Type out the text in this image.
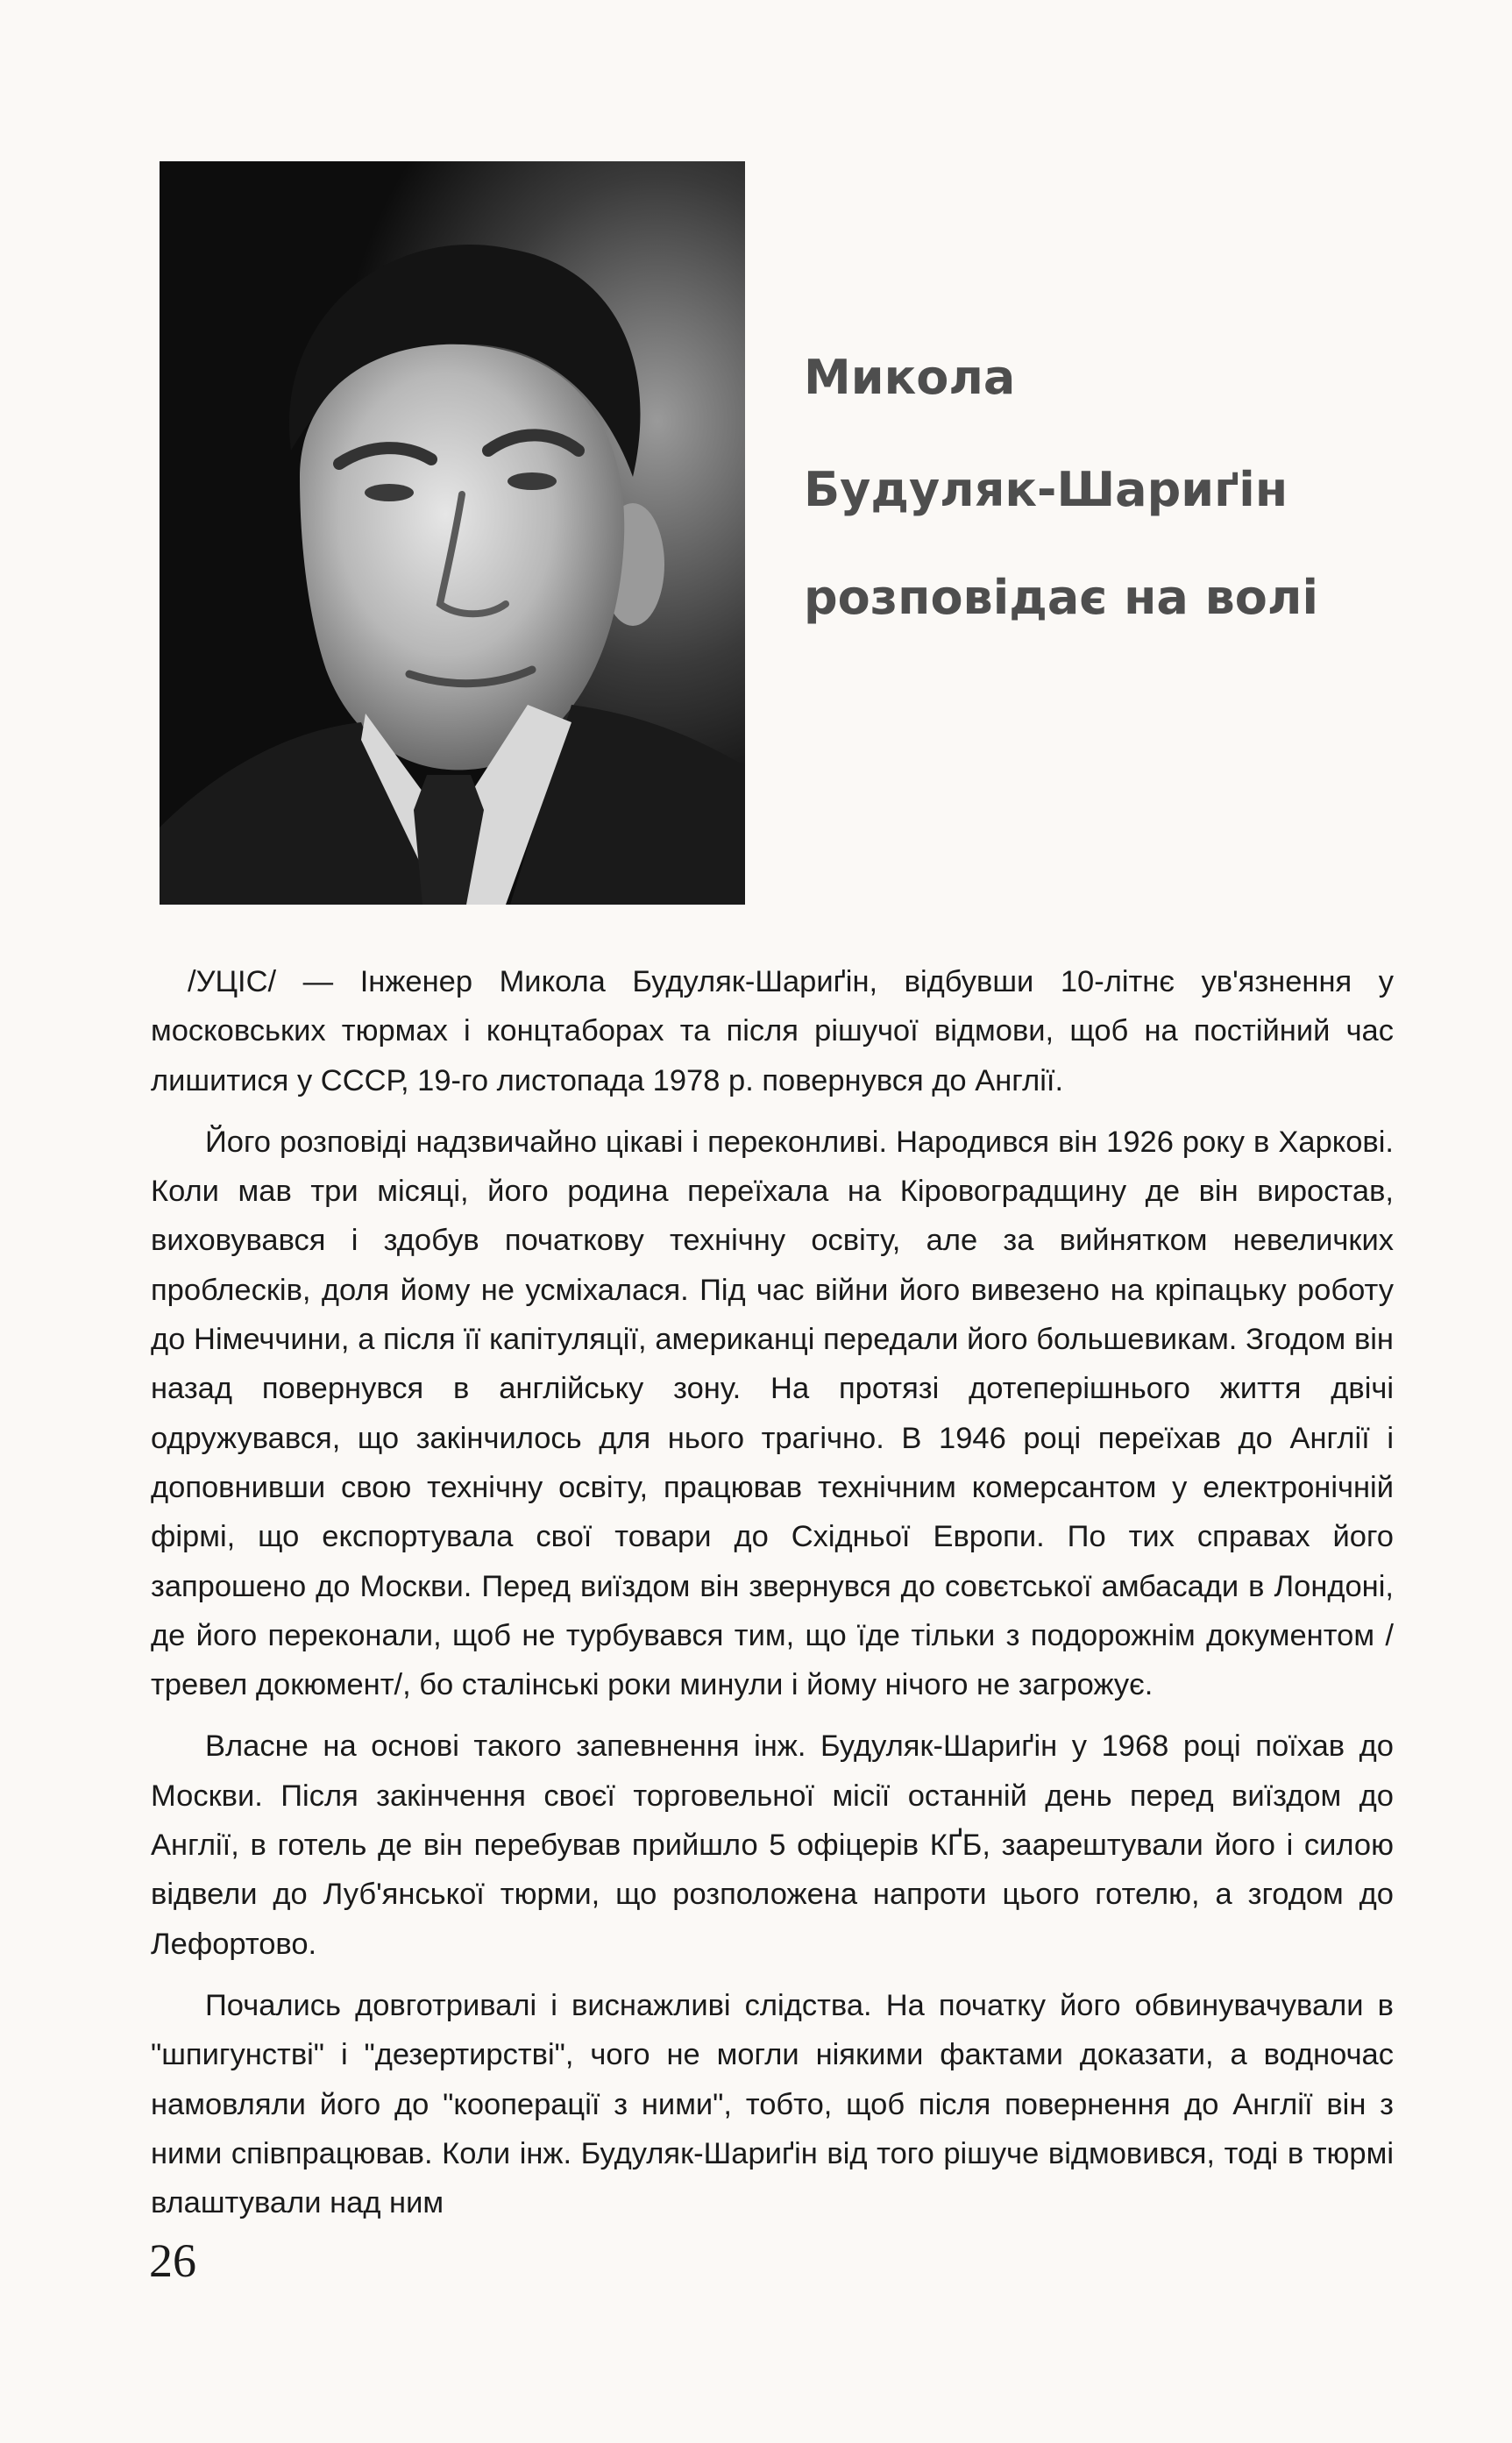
Микола
Будуляк-Шариґін
розповідає на волі

/УЦІС/ — Інженер Микола Будуляк-Шариґін, відбувши 10-літнє ув'язнення у московських тюрмах і концтаборах та після рішучої відмови, щоб на постійний час лишитися у СССР, 19-го листопада 1978 р. повернувся до Англії.

Його розповіді надзвичайно цікаві і переконливі. Народився він 1926 року в Харкові. Коли мав три місяці, його родина переїхала на Кіровоградщину де він виростав, виховувався і здобув початкову технічну освіту, але за вийнятком невеличких проблесків, доля йому не усміхалася. Під час війни його вивезено на кріпацьку роботу до Німеччини, а після її капітуляції, американці передали його большевикам. Згодом він назад повернувся в англійську зону. На протязі дотеперішнього життя двічі одружувався, що закінчилось для нього трагічно. В 1946 році переїхав до Англії і доповнивши свою технічну освіту, працював технічним комерсантом у електронічній фірмі, що експортувала свої товари до Східньої Европи. По тих справах його запрошено до Москви. Перед виїздом він звернувся до совєтської амбасади в Лондоні, де його переконали, щоб не турбувався тим, що їде тільки з подорожнім документом /тревел докюмент/, бо сталінські роки минули і йому нічого не загрожує.

Власне на основі такого запевнення інж. Будуляк-Шариґін у 1968 році поїхав до Москви. Після закінчення своєї торговельної місії останній день перед виїздом до Англії, в готель де він перебував прийшло 5 офіцерів КҐБ, заарештували його і силою відвели до Луб'янської тюрми, що розположена напроти цього готелю, а згодом до Лефортово.

Почались довготривалі і виснажливі слідства. На початку його обвинувачували в "шпигунстві" і "дезертирстві", чого не могли ніякими фактами доказати, а водночас намовляли його до "кооперації з ними", тобто, щоб після повернення до Англії він з ними співпрацював. Коли інж. Будуляк-Шариґін від того рішуче відмовився, тоді в тюрмі влаштували над ним

26
